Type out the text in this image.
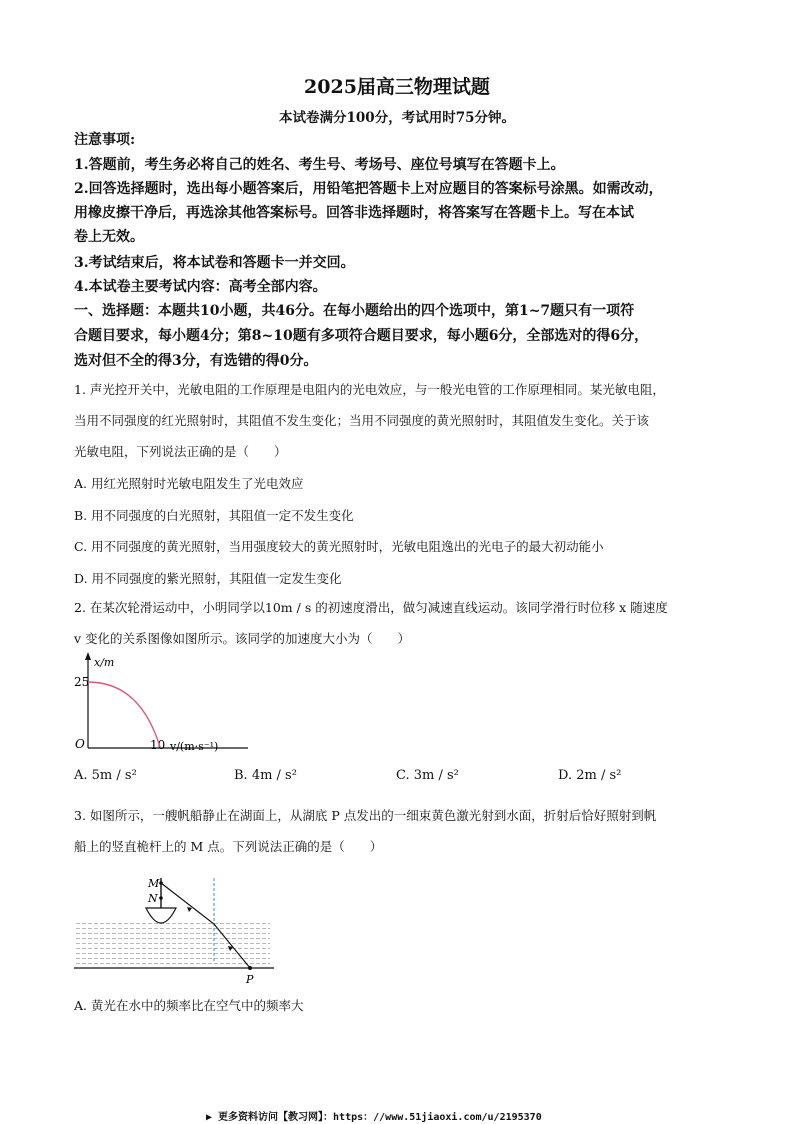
2025届高三物理试题
本试卷满分100分，考试用时75分钟。
注意事项:
1.答题前，考生务必将自己的姓名、考生号、考场号、座位号填写在答题卡上。
2.回答选择题时，选出每小题答案后，用铅笔把答题卡上对应题目的答案标号涂黑。如需改动，
用橡皮擦干净后，再选涂其他答案标号。回答非选择题时，将答案写在答题卡上。写在本试
卷上无效。
3.考试结束后，将本试卷和答题卡一并交回。
4.本试卷主要考试内容：高考全部内容。
一、选择题：本题共10小题，共46分。在每小题给出的四个选项中，第1~7题只有一项符
合题目要求，每小题4分；第8~10题有多项符合题目要求，每小题6分，全部选对的得6分，
选对但不全的得3分，有选错的得0分。
1. 声光控开关中，光敏电阻的工作原理是电阻内的光电效应，与一般光电管的工作原理相同。某光敏电阻，
当用不同强度的红光照射时，其阻值不发生变化；当用不同强度的黄光照射时，其阻值发生变化。关于该
光敏电阻，下列说法正确的是（　　）
A. 用红光照射时光敏电阻发生了光电效应
B. 用不同强度的白光照射，其阻值一定不发生变化
C. 用不同强度的黄光照射，当用强度较大的黄光照射时，光敏电阻逸出的光电子的最大初动能小
D. 用不同强度的紫光照射，其阻值一定发生变化
2. 在某次轮滑运动中，小明同学以10m / s 的初速度滑出，做匀减速直线运动。该同学滑行时位移 x 随速度
v 变化的关系图像如图所示。该同学的加速度大小为（　　）
x/m
25
O	10 v/(m·s⁻¹)
A. 5m / s²	B. 4m / s²	C. 3m / s²	D. 2m / s²
3. 如图所示，一艘帆船静止在湖面上，从湖底 P 点发出的一细束黄色激光射到水面，折射后恰好照射到帆
船上的竖直桅杆上的 M 点。下列说法正确的是（　　）
M
N
P
A. 黄光在水中的频率比在空气中的频率大
▶ 更多资料访问【教习网】：https：//www.51jiaoxi.com/u/2195370
